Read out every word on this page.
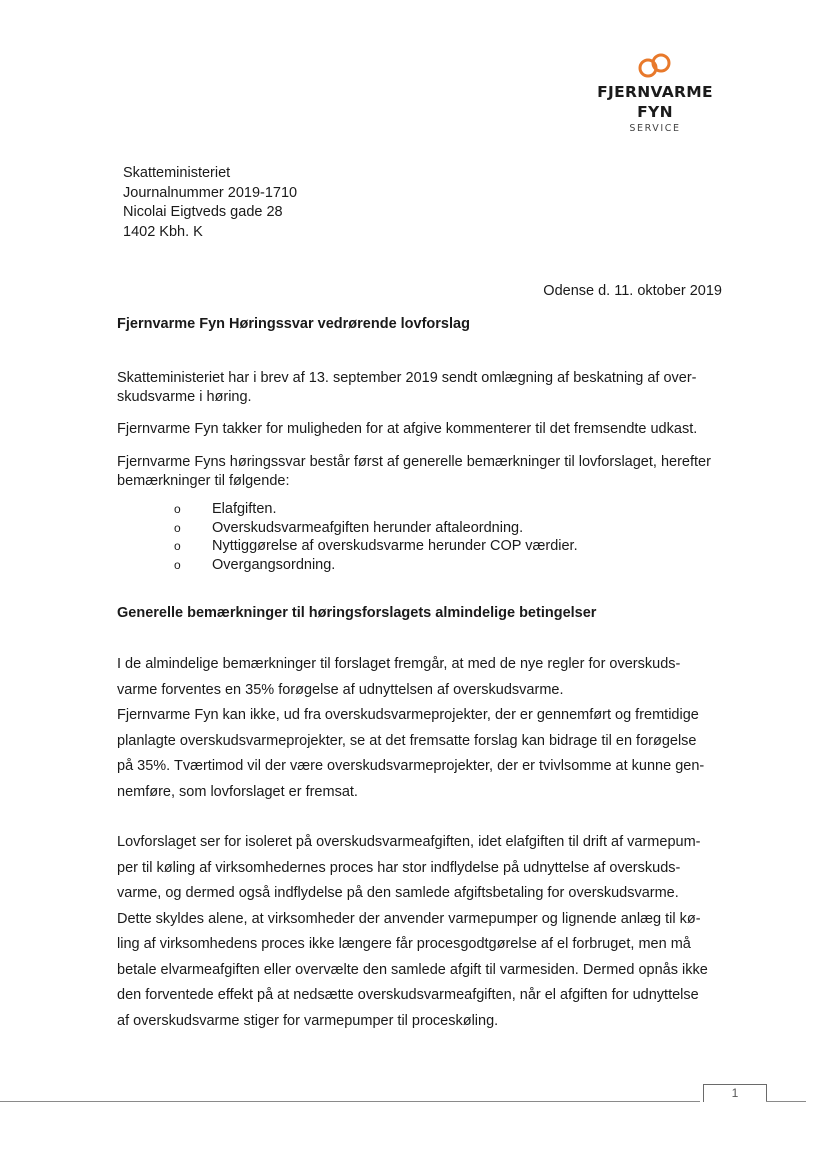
FJERNVARME FYN
SERVICE
Skatteministeriet
Journalnummer 2019-1710
Nicolai Eigtveds gade 28
1402 Kbh. K
Odense d. 11. oktober 2019
Fjernvarme Fyn Høringssvar vedrørende lovforslag

Skatteministeriet har i brev af 13. september 2019 sendt omlægning af beskatning af over-
skudsvarme i høring.

Fjernvarme Fyn takker for muligheden for at afgive kommenterer til det fremsendte udkast.

Fjernvarme Fyns høringssvar består først af generelle bemærkninger til lovforslaget, herefter
bemærkninger til følgende:

o Elafgiften.
o Overskudsvarmeafgiften herunder aftaleordning.
o Nyttiggørelse af overskudsvarme herunder COP værdier.
o Overgangsordning.
Generelle bemærkninger til høringsforslagets almindelige betingelser

I de almindelige bemærkninger til forslaget fremgår, at med de nye regler for overskuds-
varme forventes en 35% forøgelse af udnyttelsen af overskudsvarme.
Fjernvarme Fyn kan ikke, ud fra overskudsvarmeprojekter, der er gennemført og fremtidige
planlagte overskudsvarmeprojekter, se at det fremsatte forslag kan bidrage til en forøgelse
på 35%. Tværtimod vil der være overskudsvarmeprojekter, der er tvivlsomme at kunne gen-
nemføre, som lovforslaget er fremsat.

Lovforslaget ser for isoleret på overskudsvarmeafgiften, idet elafgiften til drift af varmepum-
per til køling af virksomhedernes proces har stor indflydelse på udnyttelse af overskuds-
varme, og dermed også indflydelse på den samlede afgiftsbetaling for overskudsvarme.
Dette skyldes alene, at virksomheder der anvender varmepumper og lignende anlæg til kø-
ling af virksomhedens proces ikke længere får procesgodtgørelse af el forbruget, men må
betale elvarmeafgiften eller overvælte den samlede afgift til varmesiden. Dermed opnås ikke
den forventede effekt på at nedsætte overskudsvarmeafgiften, når el afgiften for udnyttelse
af overskudsvarme stiger for varmepumper til proceskøling.

1
